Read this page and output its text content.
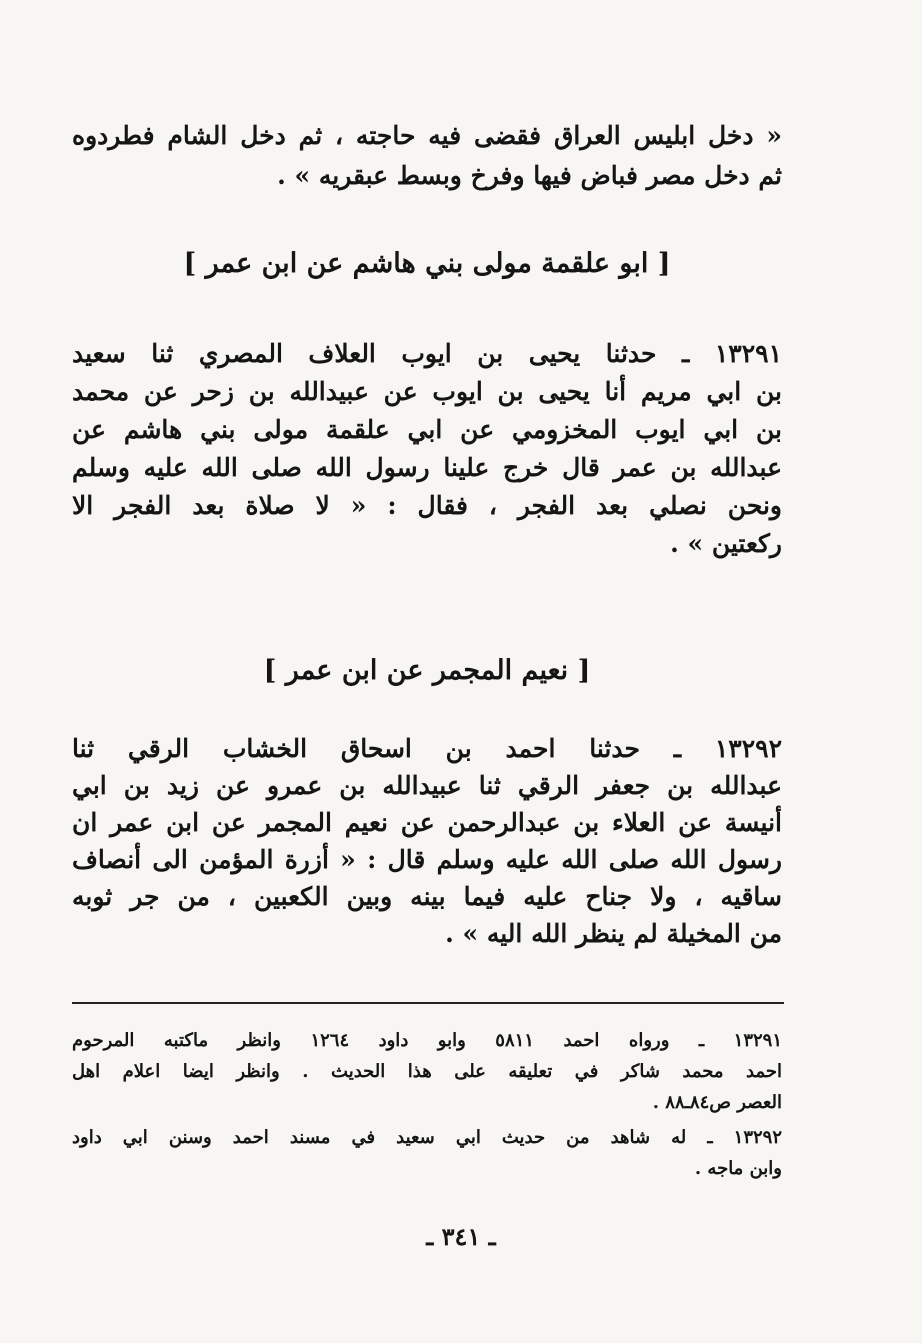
« دخل ابليس العراق فقضى فيه حاجته ، ثم دخل الشام فطردوه
ثم دخل مصر فباض فيها وفرخ وبسط عبقريه » .
[ ابو علقمة مولى بني هاشم عن ابن عمر ]
١٣٢٩١ ـ حدثنا يحيى بن ايوب العلاف المصري ثنا سعيد
بن ابي مريم أنا يحيى بن ايوب عن عبيدالله بن زحر عن محمد
بن ابي ايوب المخزومي عن ابي علقمة مولى بني هاشم عن
عبدالله بن عمر قال خرج علينا رسول الله صلى الله عليه وسلم
ونحن نصلي بعد الفجر ، فقال : « لا صلاة بعد الفجر الا
ركعتين » .
[ نعيم المجمر عن ابن عمر ]
١٣٢٩٢ ـ حدثنا احمد بن اسحاق الخشاب الرقي ثنا
عبدالله بن جعفر الرقي ثنا عبيدالله بن عمرو عن زيد بن ابي
أنيسة عن العلاء بن عبدالرحمن عن نعيم المجمر عن ابن عمر ان
رسول الله صلى الله عليه وسلم قال : « أزرة المؤمن الى أنصاف
ساقيه ، ولا جناح عليه فيما بينه وبين الكعبين ، من جر ثوبه
من المخيلة لم ينظر الله اليه » .
١٣٢٩١ ـ ورواه احمد ٥٨١١ وابو داود ١٢٦٤ وانظر ماكتبه المرحوم
احمد محمد شاكر في تعليقه على هذا الحديث . وانظر ايضا اعلام اهل
العصر ص٨٤ـ٨٨ .
١٣٢٩٢ ـ له شاهد من حديث ابي سعيد في مسند احمد وسنن ابي داود
وابن ماجه .
ـ ٣٤١ ـ
